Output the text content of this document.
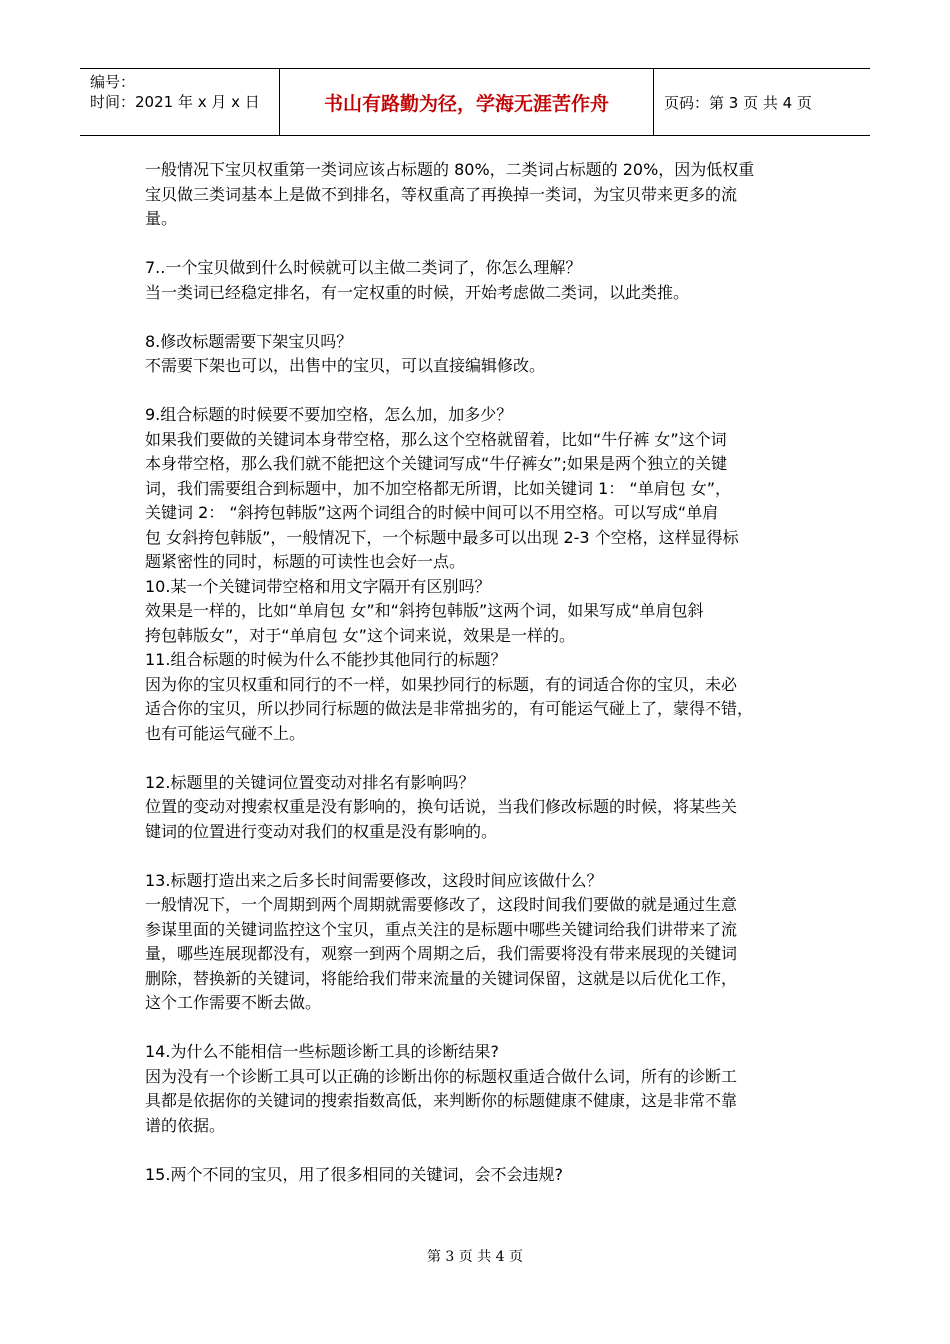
编号：
时间：2021 年 x 月 x 日	书山有路勤为径，学海无涯苦作舟	页码：第 3 页 共 4 页

一般情况下宝贝权重第一类词应该占标题的 80%，二类词占标题的 20%，因为低权重

宝贝做三类词基本上是做不到排名，等权重高了再换掉一类词，为宝贝带来更多的流

量。

7..一个宝贝做到什么时候就可以主做二类词了，你怎么理解？

当一类词已经稳定排名，有一定权重的时候，开始考虑做二类词，以此类推。

8.修改标题需要下架宝贝吗？

不需要下架也可以，出售中的宝贝，可以直接编辑修改。

9.组合标题的时候要不要加空格，怎么加，加多少？

如果我们要做的关键词本身带空格，那么这个空格就留着，比如“牛仔裤 女”这个词

本身带空格，那么我们就不能把这个关键词写成“牛仔裤女”;如果是两个独立的关键

词，我们需要组合到标题中，加不加空格都无所谓，比如关键词 1： “单肩包 女”，

关键词 2： “斜挎包韩版”这两个词组合的时候中间可以不用空格。可以写成“单肩

包 女斜挎包韩版”，一般情况下，一个标题中最多可以出现 2-3 个空格，这样显得标

题紧密性的同时，标题的可读性也会好一点。

10.某一个关键词带空格和用文字隔开有区别吗？

效果是一样的，比如“单肩包 女”和“斜挎包韩版”这两个词，如果写成“单肩包斜

挎包韩版女”，对于“单肩包 女”这个词来说，效果是一样的。

11.组合标题的时候为什么不能抄其他同行的标题？

因为你的宝贝权重和同行的不一样，如果抄同行的标题，有的词适合你的宝贝，未必

适合你的宝贝，所以抄同行标题的做法是非常拙劣的，有可能运气碰上了，蒙得不错，

也有可能运气碰不上。

12.标题里的关键词位置变动对排名有影响吗？

位置的变动对搜索权重是没有影响的，换句话说，当我们修改标题的时候，将某些关

键词的位置进行变动对我们的权重是没有影响的。

13.标题打造出来之后多长时间需要修改，这段时间应该做什么？

一般情况下，一个周期到两个周期就需要修改了，这段时间我们要做的就是通过生意

参谋里面的关键词监控这个宝贝，重点关注的是标题中哪些关键词给我们讲带来了流

量，哪些连展现都没有，观察一到两个周期之后，我们需要将没有带来展现的关键词

删除，替换新的关键词，将能给我们带来流量的关键词保留，这就是以后优化工作，

这个工作需要不断去做。

14.为什么不能相信一些标题诊断工具的诊断结果?

因为没有一个诊断工具可以正确的诊断出你的标题权重适合做什么词，所有的诊断工

具都是依据你的关键词的搜索指数高低，来判断你的标题健康不健康，这是非常不靠

谱的依据。

15.两个不同的宝贝，用了很多相同的关键词，会不会违规?

第 3 页 共 4 页
